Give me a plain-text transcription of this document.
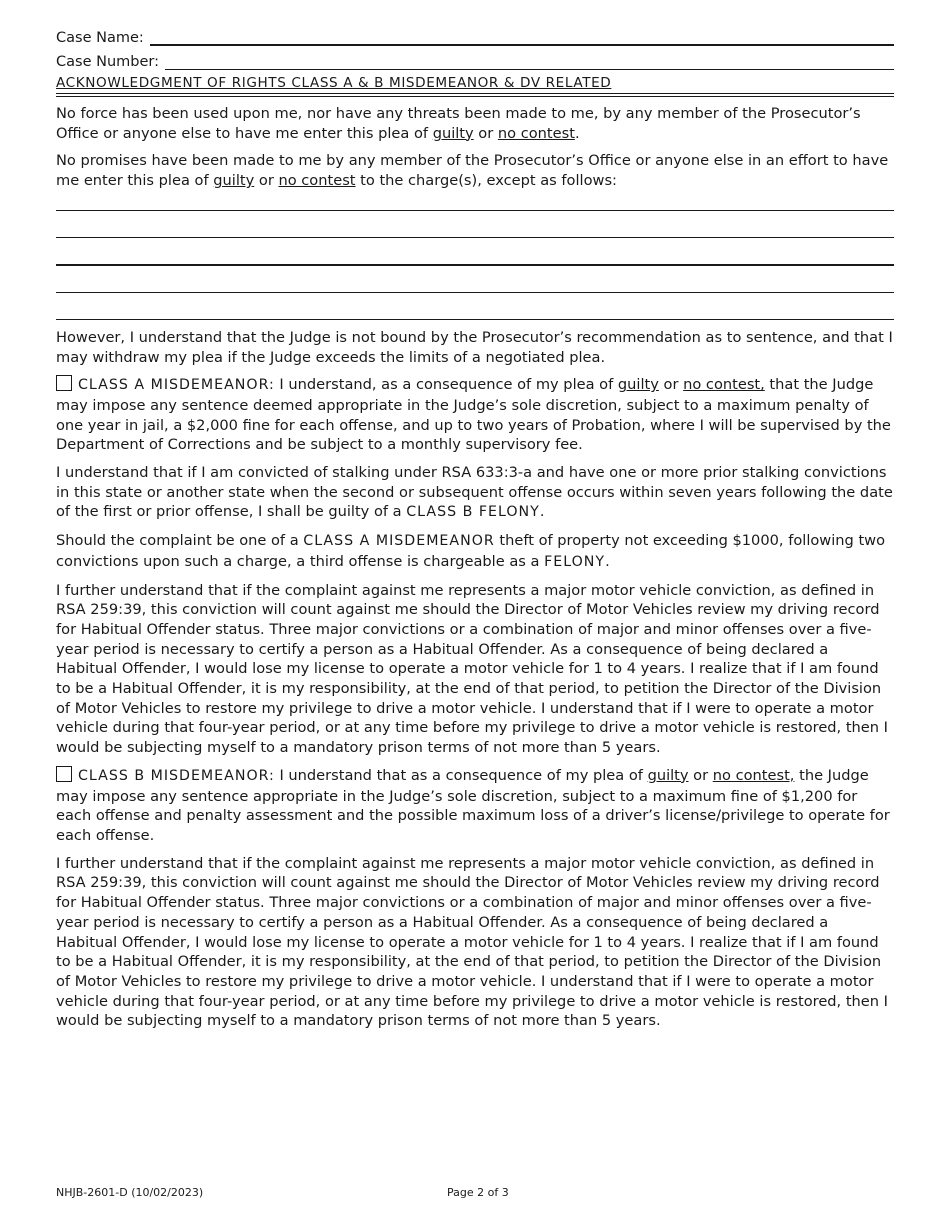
Case Name:
Case Number:
ACKNOWLEDGMENT OF RIGHTS CLASS A & B MISDEMEANOR & DV RELATED

No force has been used upon me, nor have any threats been made to me, by any member of the Prosecutor’s Office or anyone else to have me enter this plea of guilty or no contest.

No promises have been made to me by any member of the Prosecutor’s Office or anyone else in an effort to have me enter this plea of guilty or no contest to the charge(s), except as follows:

However, I understand that the Judge is not bound by the Prosecutor’s recommendation as to sentence, and that I may withdraw my plea if the Judge exceeds the limits of a negotiated plea.

CLASS A MISDEMEANOR: I understand, as a consequence of my plea of guilty or no contest, that the Judge may impose any sentence deemed appropriate in the Judge’s sole discretion, subject to a maximum penalty of one year in jail, a $2,000 fine for each offense, and up to two years of Probation, where I will be supervised by the Department of Corrections and be subject to a monthly supervisory fee.

I understand that if I am convicted of stalking under RSA 633:3-a and have one or more prior stalking convictions in this state or another state when the second or subsequent offense occurs within seven years following the date of the first or prior offense, I shall be guilty of a CLASS B FELONY.

Should the complaint be one of a CLASS A MISDEMEANOR theft of property not exceeding $1000, following two convictions upon such a charge, a third offense is chargeable as a FELONY.

I further understand that if the complaint against me represents a major motor vehicle conviction, as defined in RSA 259:39, this conviction will count against me should the Director of Motor Vehicles review my driving record for Habitual Offender status. Three major convictions or a combination of major and minor offenses over a five-year period is necessary to certify a person as a Habitual Offender. As a consequence of being declared a Habitual Offender, I would lose my license to operate a motor vehicle for 1 to 4 years. I realize that if I am found to be a Habitual Offender, it is my responsibility, at the end of that period, to petition the Director of the Division of Motor Vehicles to restore my privilege to drive a motor vehicle. I understand that if I were to operate a motor vehicle during that four-year period, or at any time before my privilege to drive a motor vehicle is restored, then I would be subjecting myself to a mandatory prison terms of not more than 5 years.

CLASS B MISDEMEANOR: I understand that as a consequence of my plea of guilty or no contest, the Judge may impose any sentence appropriate in the Judge’s sole discretion, subject to a maximum fine of $1,200 for each offense and penalty assessment and the possible maximum loss of a driver’s license/privilege to operate for each offense.

I further understand that if the complaint against me represents a major motor vehicle conviction, as defined in RSA 259:39, this conviction will count against me should the Director of Motor Vehicles review my driving record for Habitual Offender status. Three major convictions or a combination of major and minor offenses over a five-year period is necessary to certify a person as a Habitual Offender. As a consequence of being declared a Habitual Offender, I would lose my license to operate a motor vehicle for 1 to 4 years. I realize that if I am found to be a Habitual Offender, it is my responsibility, at the end of that period, to petition the Director of the Division of Motor Vehicles to restore my privilege to drive a motor vehicle. I understand that if I were to operate a motor vehicle during that four-year period, or at any time before my privilege to drive a motor vehicle is restored, then I would be subjecting myself to a mandatory prison terms of not more than 5 years.

NHJB-2601-D (10/02/2023)	Page 2 of 3
